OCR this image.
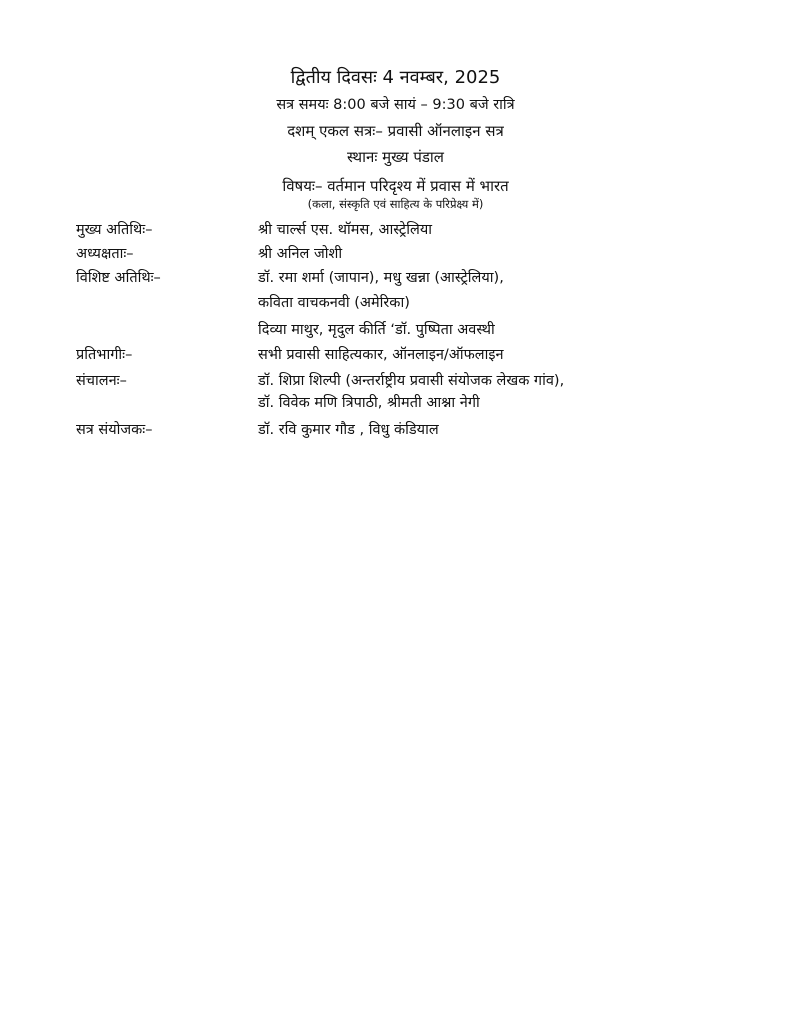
द्वितीय दिवसः 4 नवम्बर, 2025
सत्र समयः 8:00 बजे सायं – 9:30 बजे रात्रि
दशम् एकल सत्रः– प्रवासी ऑनलाइन सत्र
स्थानः मुख्य पंडाल
विषयः– वर्तमान परिदृश्य में प्रवास में भारत
(कला, संस्कृति एवं साहित्य के परिप्रेक्ष्य में)
मुख्य अतिथिः–	श्री चार्ल्स एस. थॉमस, आस्ट्रेलिया
अध्यक्षताः–	श्री अनिल जोशी
विशिष्ट अतिथिः–	डॉ. रमा शर्मा (जापान), मधु खन्ना (आस्ट्रेलिया),
कविता वाचकनवी (अमेरिका)
दिव्या माथुर, मृदुल कीर्ति ‘डॉ. पुष्पिता अवस्थी
प्रतिभागीः–	सभी प्रवासी साहित्यकार, ऑनलाइन/ऑफलाइन
संचालनः–	डॉ. शिप्रा शिल्पी (अन्तर्राष्ट्रीय प्रवासी संयोजक लेखक गांव),
डॉ. विवेक मणि त्रिपाठी, श्रीमती आश्ना नेगी
सत्र संयोजकः–	डॉ. रवि कुमार गौड , विधु कंडियाल
